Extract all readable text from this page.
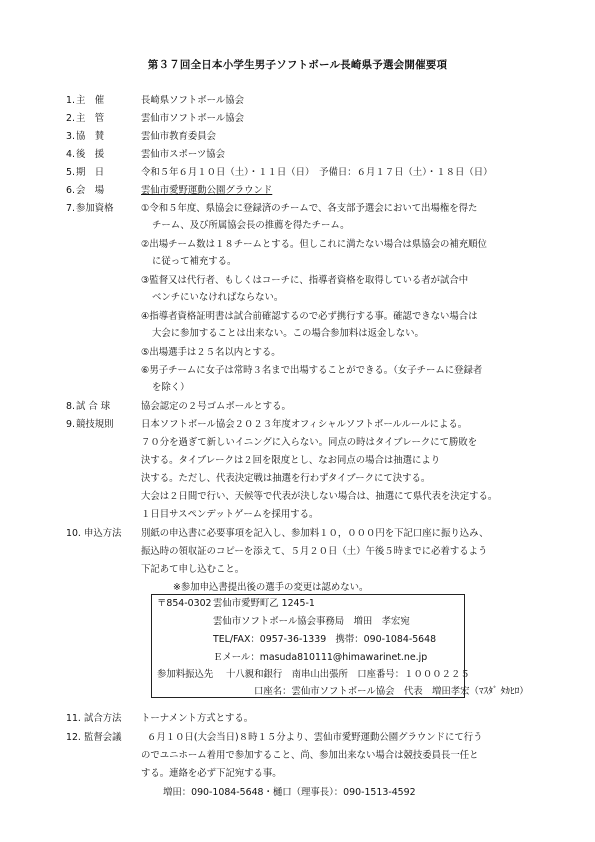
第３７回全日本小学生男子ソフトボール長崎県予選会開催要項
1.主　催	長崎県ソフトボール協会
2.主　管	雲仙市ソフトボール協会
3.協　賛	雲仙市教育委員会
4.後　援	雲仙市スポーツ協会
5.期　日	令和５年６月１０日（土）・１１日（日）　予備日：６月１７日（土）・１８日（日）
6.会　場	雲仙市愛野運動公園グラウンド
7.参加資格	①令和５年度、県協会に登録済のチームで、各支部予選会において出場権を得た
チーム、及び所属協会長の推薦を得たチーム。
②出場チーム数は１８チームとする。但しこれに満たない場合は県協会の補充順位
に従って補充する。
③監督又は代行者、もしくはコーチに、指導者資格を取得している者が試合中
ベンチにいなければならない。
④指導者資格証明書は試合前確認するので必ず携行する事。確認できない場合は
大会に参加することは出来ない。この場合参加料は返金しない。
⑤出場選手は２５名以内とする。
⑥男子チームに女子は常時３名まで出場することができる。（女子チームに登録者
を除く）
8.試 合 球	協会認定の２号ゴムボールとする。
9.競技規則	日本ソフトボール協会２０２３年度オフィシャルソフトボールルールによる。
７０分を過ぎて新しいイニングに入らない。同点の時はタイブレークにて勝敗を
決する。タイブレークは２回を限度とし、なお同点の場合は抽選により
決する。ただし、代表決定戦は抽選を行わずタイブークにて決する。
大会は２日間で行い、天候等で代表が決しない場合は、抽選にて県代表を決定する。
１日目サスペンデットゲームを採用する。
10. 申込方法	別紙の申込書に必要事項を記入し、参加料１０，０００円を下記口座に振り込み、
振込時の領収証のコピーを添えて、５月２０日（土）午後５時までに必着するよう
下記あて申し込むこと。
※参加申込書提出後の選手の変更は認めない。
〒854-0302 雲仙市愛野町乙 1245-1
雲仙市ソフトボール協会事務局　増田　孝宏宛
TEL/FAX：0957-36-1339　携帯：090-1084-5648
Ｅメール：masuda810111@himawarinet.ne.jp
参加料振込先 十八親和銀行　南串山出張所　口座番号：１０００２２５
口座名：雲仙市ソフトボール協会　代表　増田孝宏（ﾏｽﾀﾞ ﾀｶﾋﾛ）
11. 試合方法	トーナメント方式とする。
12. 監督会議	６月１０日(大会当日)８時１５分より、雲仙市愛野運動公園グラウンドにて行う
のでユニホーム着用で参加すること、尚、参加出来ない場合は競技委員長一任と
する。連絡を必ず下記宛する事。
増田：090-1084-5648・樋口（理事長）：090-1513-4592
